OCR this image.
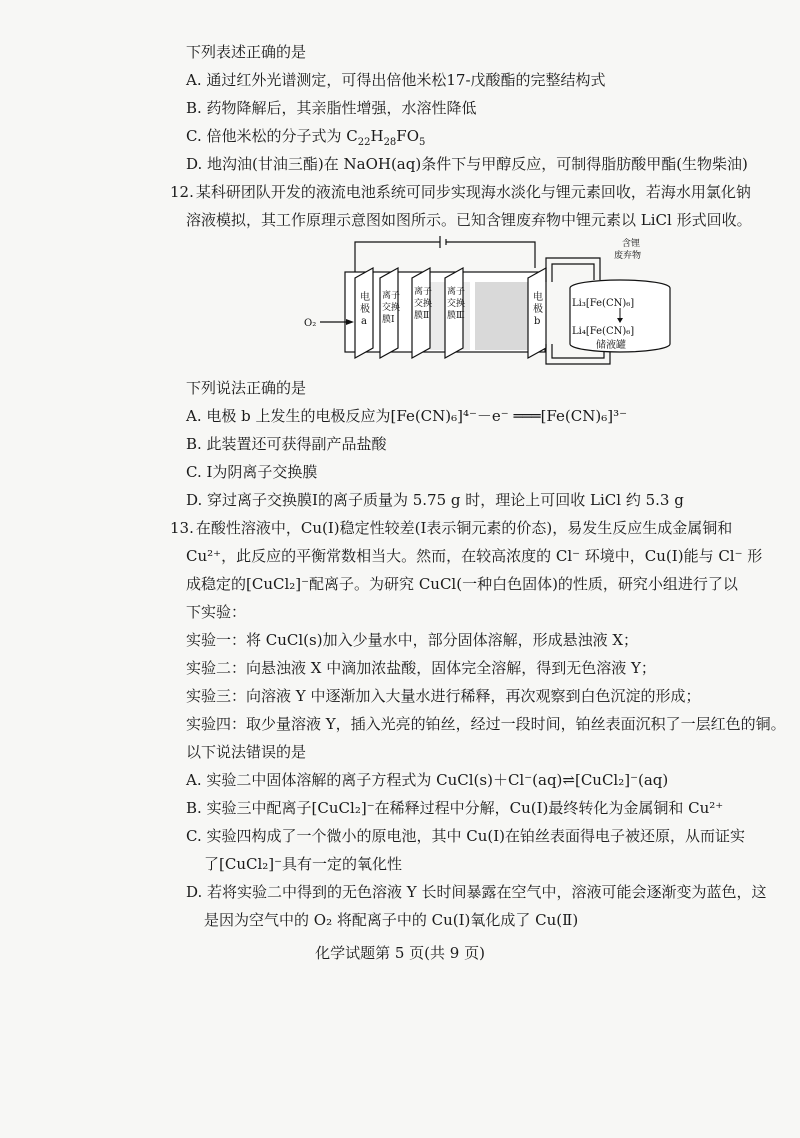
下列表述正确的是
A. 通过红外光谱测定，可得出倍他米松17-戊酸酯的完整结构式
B. 药物降解后，其亲脂性增强，水溶性降低
C. 倍他米松的分子式为 $C_{22}H_{28}FO_5$
D. 地沟油(甘油三酯)在 NaOH(aq)条件下与甲醇反应，可制得脂肪酸甲酯(生物柴油)
12. 某科研团队开发的液流电池系统可同步实现海水淡化与锂元素回收，若海水用氯化钠
溶液模拟，其工作原理示意图如图所示。已知含锂废弃物中锂元素以 LiCl 形式回收。
O₂
电
极
a
离子
交换
膜Ⅰ
离子
交换
膜Ⅱ
离子
交换
膜Ⅲ
电
极
b
含锂
废弃物
Li₃[Fe(CN)₆]
Li₄[Fe(CN)₆]
储液罐
下列说法正确的是
A. 电极 b 上发生的电极反应为[Fe(CN)₆]⁴⁻－e⁻ ═══[Fe(CN)₆]³⁻
B. 此装置还可获得副产品盐酸
C. Ⅰ为阴离子交换膜
D. 穿过离子交换膜Ⅰ的离子质量为 5.75 g 时，理论上可回收 LiCl 约 5.3 g
13. 在酸性溶液中，Cu(Ⅰ)稳定性较差(Ⅰ表示铜元素的价态)，易发生反应生成金属铜和
Cu²⁺，此反应的平衡常数相当大。然而，在较高浓度的 Cl⁻ 环境中，Cu(Ⅰ)能与 Cl⁻ 形
成稳定的[CuCl₂]⁻配离子。为研究 CuCl(一种白色固体)的性质，研究小组进行了以
下实验：
实验一：将 CuCl(s)加入少量水中，部分固体溶解，形成悬浊液 X；
实验二：向悬浊液 X 中滴加浓盐酸，固体完全溶解，得到无色溶液 Y；
实验三：向溶液 Y 中逐渐加入大量水进行稀释，再次观察到白色沉淀的形成；
实验四：取少量溶液 Y，插入光亮的铂丝，经过一段时间，铂丝表面沉积了一层红色的铜。
以下说法错误的是
A. 实验二中固体溶解的离子方程式为 CuCl(s)＋Cl⁻(aq)⇌[CuCl₂]⁻(aq)
B. 实验三中配离子[CuCl₂]⁻在稀释过程中分解，Cu(Ⅰ)最终转化为金属铜和 Cu²⁺
C. 实验四构成了一个微小的原电池，其中 Cu(Ⅰ)在铂丝表面得电子被还原，从而证实
了[CuCl₂]⁻具有一定的氧化性
D. 若将实验二中得到的无色溶液 Y 长时间暴露在空气中，溶液可能会逐渐变为蓝色，这
是因为空气中的 O₂ 将配离子中的 Cu(Ⅰ)氧化成了 Cu(Ⅱ)
化学试题第 5 页(共 9 页)
